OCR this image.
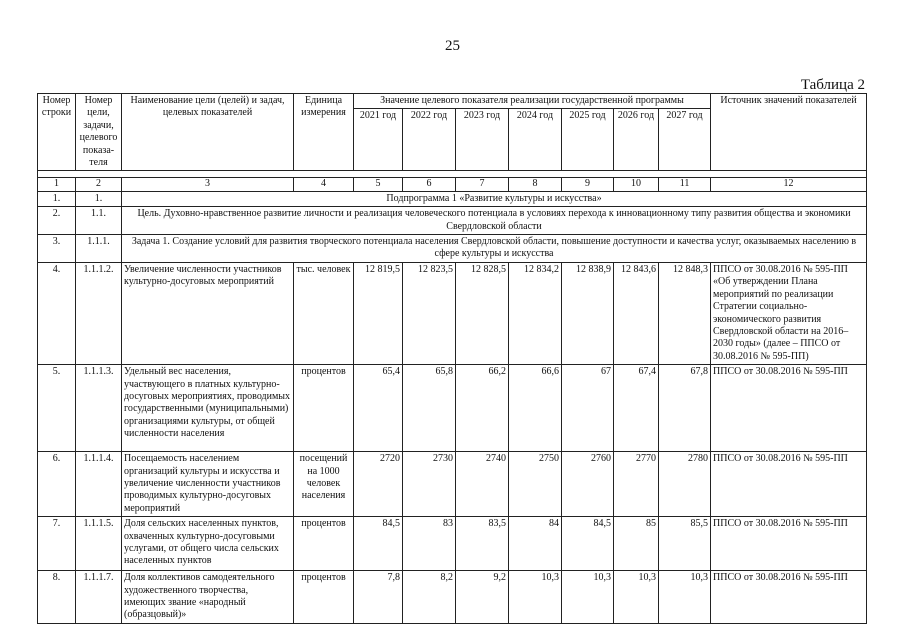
25
Таблица 2
Номер строки	Номер цели, задачи, целевого показа-теля	Наименование цели (целей) и задач, целевых показателей	Единица измерения	Значение целевого показателя реализации государственной программы							Источник значений показателей
				2021 год	2022 год	2023 год	2024 год	2025 год	2026 год	2027 год	

1	2	3	4	5	6	7	8	9	10	11	12
1.	1.	Подпрограмма 1 «Развитие культуры и искусства»									
2.	1.1.	Цель. Духовно-нравственное развитие личности и реализация человеческого потенциала в условиях перехода к инновационному типу развития общества и экономики Свердловской области									
3.	1.1.1.	Задача 1. Создание условий для развития творческого потенциала населения Свердловской области, повышение доступности и качества услуг, оказываемых населению в сфере культуры и искусства									
4.	1.1.1.2.	Увеличение численности участников культурно-досуговых мероприятий	тыс. человек	12 819,5	12 823,5	12 828,5	12 834,2	12 838,9	12 843,6	12 848,3	ППСО от 30.08.2016 № 595-ПП «Об утверждении Плана мероприятий по реализации Стратегии социально-экономического развития Свердловской области на 2016–2030 годы» (далее – ППСО от 30.08.2016 № 595-ПП)
5.	1.1.1.3.	Удельный вес населения, участвующего в платных культурно-досуговых мероприятиях, проводимых государственными (муниципальными) организациями культуры, от общей численности населения	процентов	65,4	65,8	66,2	66,6	67	67,4	67,8	ППСО от 30.08.2016 № 595-ПП
6.	1.1.1.4.	Посещаемость населением организаций культуры и искусства и увеличение численности участников проводимых культурно-досуговых мероприятий	посещений на 1000 человек населения	2720	2730	2740	2750	2760	2770	2780	ППСО от 30.08.2016 № 595-ПП
7.	1.1.1.5.	Доля сельских населенных пунктов, охваченных культурно-досуговыми услугами, от общего числа сельских населенных пунктов	процентов	84,5	83	83,5	84	84,5	85	85,5	ППСО от 30.08.2016 № 595-ПП
8.	1.1.1.7.	Доля коллективов самодеятельного художественного творчества, имеющих звание «народный (образцовый)»	процентов	7,8	8,2	9,2	10,3	10,3	10,3	10,3	ППСО от 30.08.2016 № 595-ПП
